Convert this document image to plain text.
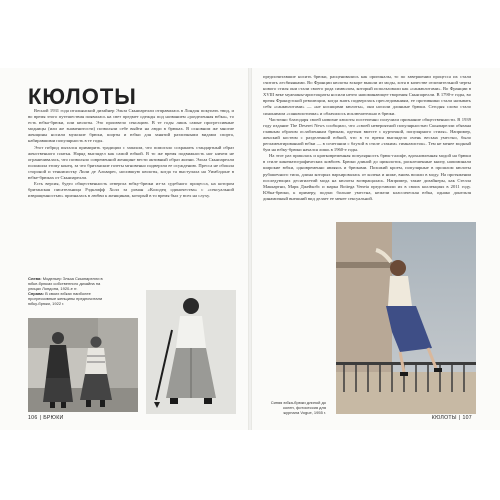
КЮЛОТЫ

Весной 1931 года итальянский дизайнер Эльза Скьяпарелли отправилась в Лондон покупать твид, и во время этого путешествия появилась на свет предмет одежды под названием «разделенная юбка», то есть юбка-брюки, или кюлоты. Это произвело сенсацию. В те годы лишь самые прогрессивные модницы (или же знаменитости) позволяли себе выйти на люди в брюках. В основном же многие женщины носили мужские брюки, шорты и юбки для занятий различными видами спорта, набиравшими популярность в те годы.

Этот гибрид пытался примирить традиции с запахом, что помогало сохранить стандартный образ женственного платья. Наряд выглядел как самой юбкой. В то же время подвижность ног ничем не ограничивалась, что позволяло современной женщине вести активный образ жизни. Эльза Скьяпарелли положила этому конец, за что британские газеты мгновенно подвергли ее осуждению. Пресса не обошла стороной и теннисистку Лили де Альварес, носившую кюлоты, когда та выступала на Уимблдоне в юбке-брюках от Скьяпарелли.

Есть версия, будто общественность отвергла юбку-брюки из-за судебного процесса, на котором британская писательница Рэдклифф Холл за роман «Колодец одиночества» с «сексуальной извращенностью» призналась в любви к женщинам, который в то время был у всех на слуху.

Слева: Модельер Эльза Скьяпарелли в юбке-брюках собственного дизайна на улицах Лондона, 1920-е гг.
Справа: В своих юбках наиболее прогрессивные женщины предпочитали юбку-брюки, 1922 г.
106 | БРЮКИ

предпочитавшие носить брюки, расценивались как оригиналы, то по завершении процесса их стали считать лесбиянками. Во Франции кюлоты вскоре вышли из моды, хотя в качестве отличительной черты нового стиля они стали своего рода символом, который использовали как «санкюлотами». Во Франции в XVIII веке мужчины-аристократы носили нечто напоминающее творения Скьяпарелли. В 1790-е годы, во время Французской революции, когда знать подверглась преследованиям, ее противники стали называть себя «санкюлотами» — «не носящими кюлоты», они носили длинные брюки. Сегодня слово стало синонимом «санкюлотизма» и облачилось исключительно в брюки.

Частично благодаря своей новизне кюлоты постепенно получили признание общественности. В 1939 году издание The Deseret News сообщило, что «своей невероятной популярностью Скьяпарелли обязана главным образом ослабленным брюкам, одетым вместе с курточкой, популярного стиля». Например, женский костюм с разделенной юбкой, что в то время выглядело очень весьма уместно, было регламентированной юбки — в сочетании с блузой в стиле «таким» гимназисток». Тем не менее модный бум на юбку-брюки начался лишь в 1960-е годы.

На этот раз пришлась и кратковременная популярность брюк-галифе, вдохновленная модой на брюки в стиле кинематографических ковбоев. Брюки длиной до щиколоток, расклешенные книзу, напоминали широкие юбки, одновременно являясь и брюками. Похожий кроем, популярные в прошлом кюлоты рубашечного типа, длина которых варьировалась от колена и ниже, вновь вошли в моду. На протяжении последующих десятилетий мода на кюлоты возвращалась. Например, такие дизайнеры, как Стелла Маккартни, Марк Джейкобс и марка Bottega Veneta представили их в своих коллекциях в 2011 году. Юбка-брюки, к примеру, подчас больше уместна, нежели классическая юбка, однако донельзя динамичный внешний вид делает ее менее сексуальной.

Синяя юбка-брюки длиной до колен, фотосессия для журнала Vogue, 1955 г.
КЮЛОТЫ | 107
